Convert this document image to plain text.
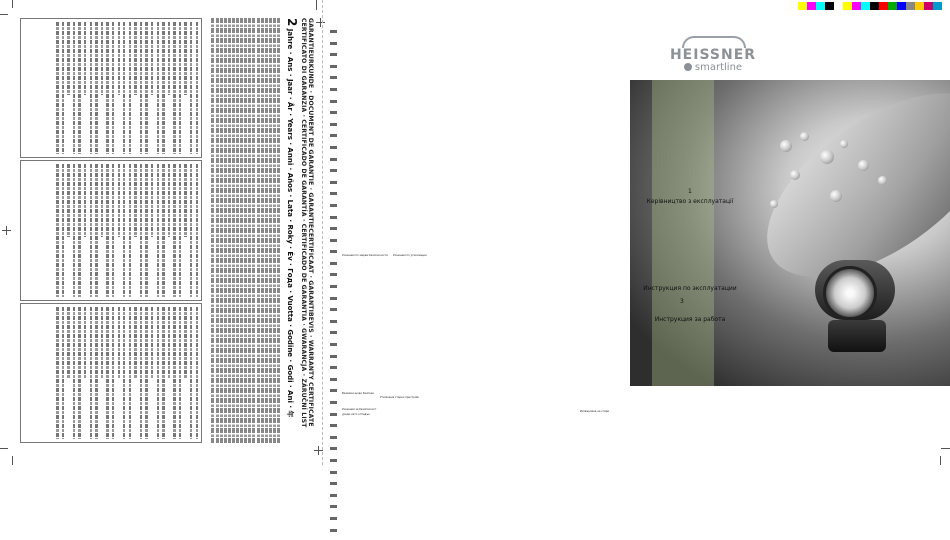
GARANTIEURKUNDE · DOCUMENT DE GARANTIE · GARANTIECERTIFICAAT · GARANTIBEVIS · WARRANTY CERTIFICATE
CERTIFICATO DI GARANZIA · CERTIFICADO DE GARANTÍA · CERTIFICADO DE GARANTIA · GWARANCJA · ZÁRUČNÍ LIST
2 Jahre · Ans · Jaar · År · Years · Anni · Años · Lata · Roky · Év · Года · Vuotta · Godine · Godi · Ani · 年	Указания по мерам безопасности Указания по утилизации
Вказівки щодо безпеки
Утилізація старих пристроїв
Указания за безопасност
Изхвърляне на стари
уреди като отпадък
HEISSNER
smartline
1
Керівництво з експлуатації
Инструкция по эксплуатации
3
Инструкция за работа
